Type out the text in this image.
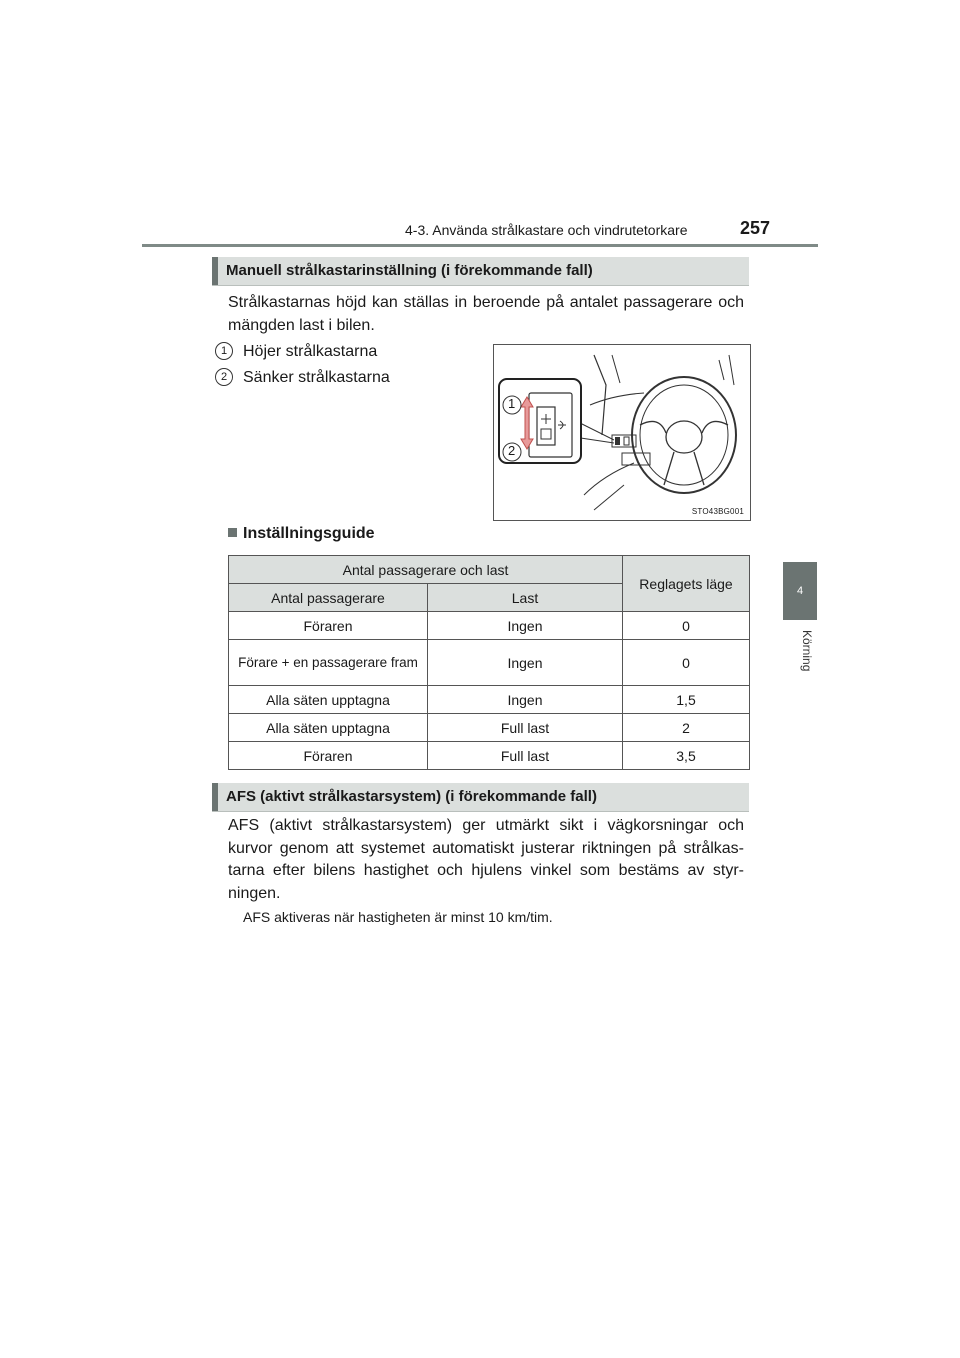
4-3. Använda strålkastare och vindrutetorkare	257
4
Körning
Manuell strålkastarinställning (i förekommande fall)

Strålkastarnas höjd kan ställas in beroende på antalet passagerare och mängden last i bilen.

1 Höjer strålkastarna
2 Sänker strålkastarna
1
2
STO43BG001
Inställningsguide
Antal passagerare och last		Reglagets läge
Antal passagerare	Last	
Föraren	Ingen	0
Förare + en passagerare fram	Ingen	0
Alla säten upptagna	Ingen	1,5
Alla säten upptagna	Full last	2
Föraren	Full last	3,5
AFS (aktivt strålkastarsystem) (i förekommande fall)

AFS (aktivt strålkastarsystem) ger utmärkt sikt i vägkorsningar och kurvor genom att systemet automatiskt justerar riktningen på strålkas-tarna efter bilens hastighet och hjulens vinkel som bestäms av styr-ningen.

AFS aktiveras när hastigheten är minst 10 km/tim.
